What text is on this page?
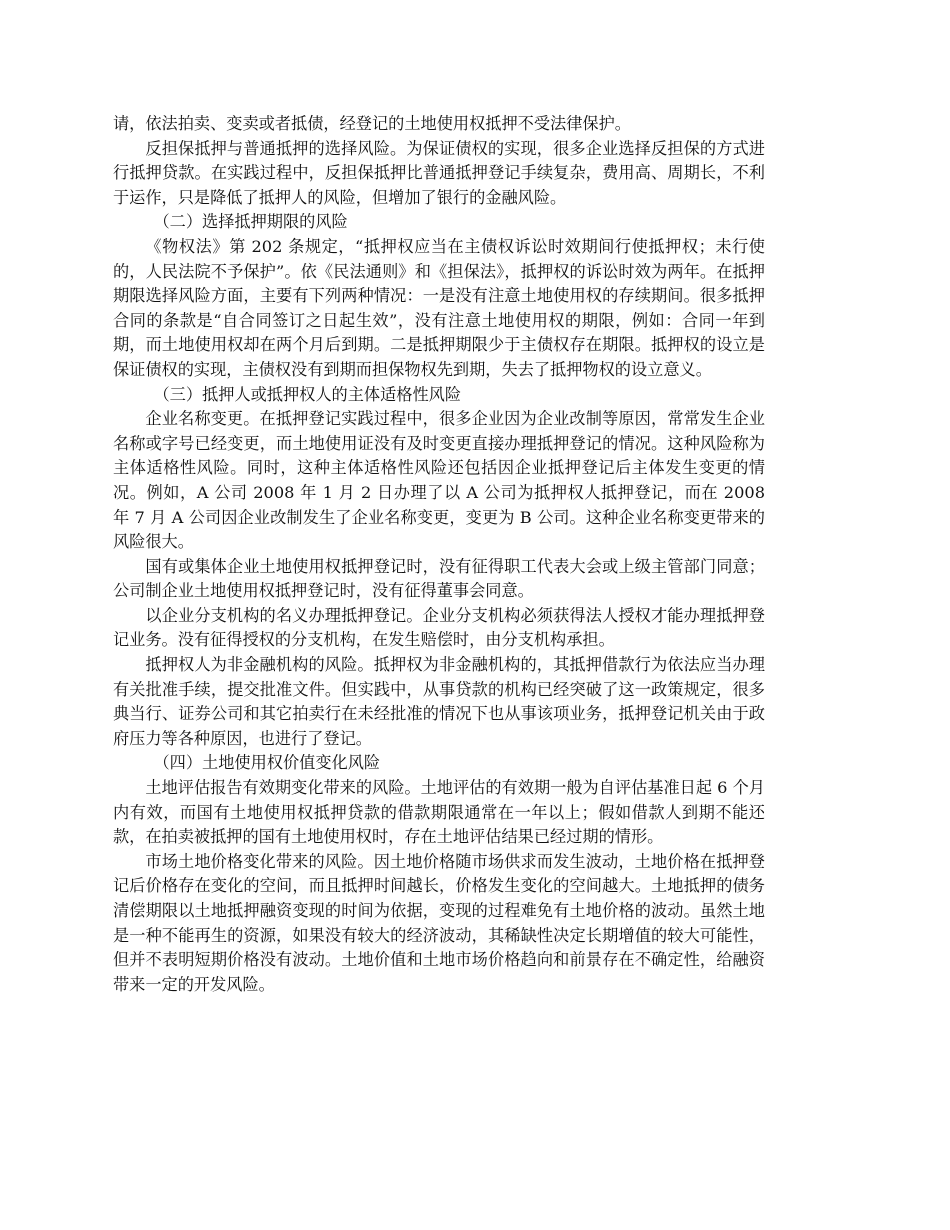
请，依法拍卖、变卖或者抵债，经登记的土地使用权抵押不受法律保护。

反担保抵押与普通抵押的选择风险。为保证债权的实现，很多企业选择反担保的方式进行抵押贷款。在实践过程中，反担保抵押比普通抵押登记手续复杂，费用高、周期长，不利于运作，只是降低了抵押人的风险，但增加了银行的金融风险。

（二）选择抵押期限的风险

《物权法》第 202 条规定，“抵押权应当在主债权诉讼时效期间行使抵押权；未行使的，人民法院不予保护”。依《民法通则》和《担保法》，抵押权的诉讼时效为两年。在抵押期限选择风险方面，主要有下列两种情况：一是没有注意土地使用权的存续期间。很多抵押合同的条款是“自合同签订之日起生效”，没有注意土地使用权的期限，例如：合同一年到期，而土地使用权却在两个月后到期。二是抵押期限少于主债权存在期限。抵押权的设立是保证债权的实现，主债权没有到期而担保物权先到期，失去了抵押物权的设立意义。

（三）抵押人或抵押权人的主体适格性风险

企业名称变更。在抵押登记实践过程中，很多企业因为企业改制等原因，常常发生企业名称或字号已经变更，而土地使用证没有及时变更直接办理抵押登记的情况。这种风险称为主体适格性风险。同时，这种主体适格性风险还包括因企业抵押登记后主体发生变更的情况。例如，A 公司 2008 年 1 月 2 日办理了以 A 公司为抵押权人抵押登记，而在 2008 年 7 月 A 公司因企业改制发生了企业名称变更，变更为 B 公司。这种企业名称变更带来的风险很大。

国有或集体企业土地使用权抵押登记时，没有征得职工代表大会或上级主管部门同意；公司制企业土地使用权抵押登记时，没有征得董事会同意。

以企业分支机构的名义办理抵押登记。企业分支机构必须获得法人授权才能办理抵押登记业务。没有征得授权的分支机构，在发生赔偿时，由分支机构承担。

抵押权人为非金融机构的风险。抵押权为非金融机构的，其抵押借款行为依法应当办理有关批准手续，提交批准文件。但实践中，从事贷款的机构已经突破了这一政策规定，很多典当行、证券公司和其它拍卖行在未经批准的情况下也从事该项业务，抵押登记机关由于政府压力等各种原因，也进行了登记。

（四）土地使用权价值变化风险

土地评估报告有效期变化带来的风险。土地评估的有效期一般为自评估基准日起 6 个月内有效，而国有土地使用权抵押贷款的借款期限通常在一年以上；假如借款人到期不能还款，在拍卖被抵押的国有土地使用权时，存在土地评估结果已经过期的情形。

市场土地价格变化带来的风险。因土地价格随市场供求而发生波动，土地价格在抵押登记后价格存在变化的空间，而且抵押时间越长，价格发生变化的空间越大。土地抵押的债务清偿期限以土地抵押融资变现的时间为依据，变现的过程难免有土地价格的波动。虽然土地是一种不能再生的资源，如果没有较大的经济波动，其稀缺性决定长期增值的较大可能性，但并不表明短期价格没有波动。土地价值和土地市场价格趋向和前景存在不确定性，给融资带来一定的开发风险。
